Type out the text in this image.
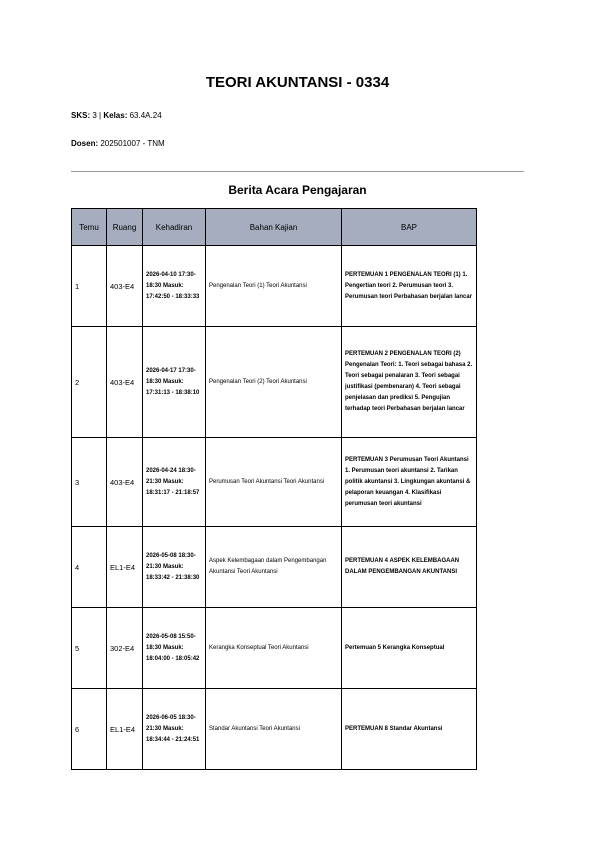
TEORI AKUNTANSI - 0334
SKS: 3 | Kelas: 63.4A.24
Dosen: 202501007 - TNM
Berita Acara Pengajaran
Temu	Ruang	Kehadiran	Bahan Kajian	BAP
1	403-E4	2026-04-10 17:30-18:30 Masuk: 17:42:50 - 18:33:33	Pengenalan Teori (1) Teori Akuntansi	PERTEMUAN 1 PENGENALAN TEORI (1) 1. Pengertian teori 2. Perumusan teori 3. Perumusan teori Perbahasan berjalan lancar
2	403-E4	2026-04-17 17:30-18:30 Masuk: 17:31:13 - 18:38:10	Pengenalan Teori (2) Teori Akuntansi	PERTEMUAN 2 PENGENALAN TEORI (2) Pengenalan Teori: 1. Teori sebagai bahasa 2. Teori sebagai penalaran 3. Teori sebagai justifikasi (pembenaran) 4. Teori sebagai penjelasan dan prediksi 5. Pengujian terhadap teori Perbahasan berjalan lancar
3	403-E4	2026-04-24 18:30-21:30 Masuk: 18:31:17 - 21:18:57	Perumusan Teori Akuntansi Teori Akuntansi	PERTEMUAN 3 Perumusan Teori Akuntansi 1. Perumusan teori akuntansi 2. Tarikan politik akuntansi 3. Lingkungan akuntansi & pelaporan keuangan 4. Klasifikasi perumusan teori akuntansi
4	EL1-E4	2026-05-08 18:30-21:30 Masuk: 18:33:42 - 21:38:30	Aspek Kelembagaan dalam Pengembangan Akuntansi Teori Akuntansi	PERTEMUAN 4 ASPEK KELEMBAGAAN DALAM PENGEMBANGAN AKUNTANSI
5	302-E4	2026-05-08 15:50-18:30 Masuk: 18:04:00 - 18:05:42	Kerangka Konseptual Teori Akuntansi	Pertemuan 5 Kerangka Konseptual
6	EL1-E4	2026-06-05 18:30-21:30 Masuk: 18:34:44 - 21:24:51	Standar Akuntansi Teori Akuntansi	PERTEMUAN 8 Standar Akuntansi
